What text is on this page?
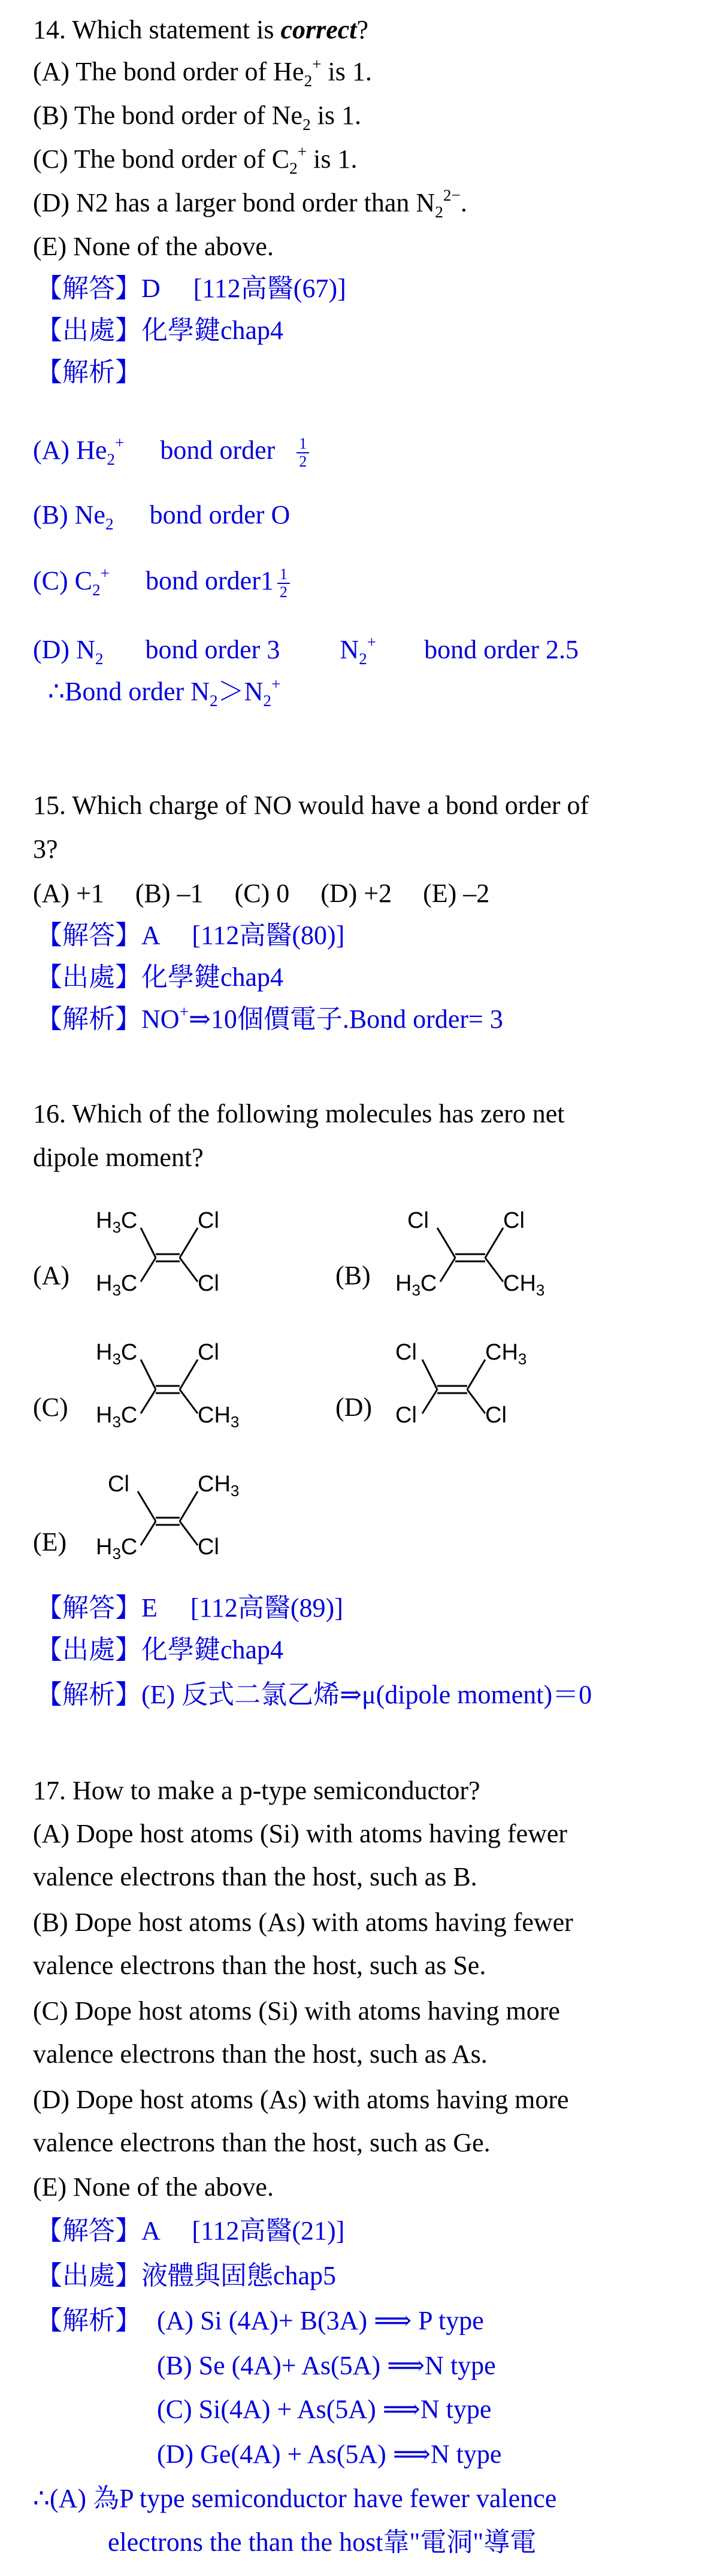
14. Which statement is correct?
(A) The bond order of $He_2^+$ is 1.
(B) The bond order of $Ne_2$ is 1.
(C) The bond order of $C_2^+$ is 1.
(D) N2 has a larger bond order than $N_2^{2-}$.
(E) None of the above.
【解答】D　 [112高醫(67)]
【出處】化學鍵chap4
【解析】
(A) $He_2^+$ bond order $\frac{1}{2}$
(B) $Ne_2$ bond order O
(C) $C_2^+$ bond order1 $\frac{1}{2}$
(D) $N_2$ bond order 3 $N_2^+$ bond order 2.5
∴Bond order $N_2>N_2^+$
15. Which charge of NO would have a bond order of
3?
(A) +1 (B) –1 (C) 0 (D) +2 (E) –2
【解答】A　 [112高醫(80)]
【出處】化學鍵chap4
【解析】NO+⇒10個價電子.Bond order= 3
16. Which of the following molecules has zero net
dipole moment?
(A)
$H_3C$	Cl
$H_3C$	Cl	(B)
Cl	Cl
$H_3C$	$CH_3$
(C)
$H_3C$	Cl
$H_3C$	$CH_3$	(D)
Cl	$CH_3$
Cl	Cl
(E)
Cl	$CH_3$
$H_3C$	Cl
【解答】E　 [112高醫(89)]
【出處】化學鍵chap4
【解析】(E) 反式二氯乙烯⇒μ(dipole moment)＝0
17. How to make a p-type semiconductor?
(A) Dope host atoms (Si) with atoms having fewer
valence electrons than the host, such as B.
(B) Dope host atoms (As) with atoms having fewer
valence electrons than the host, such as Se.
(C) Dope host atoms (Si) with atoms having more
valence electrons than the host, such as As.
(D) Dope host atoms (As) with atoms having more
valence electrons than the host, such as Ge.
(E) None of the above.
【解答】A　 [112高醫(21)]
【出處】液體與固態chap5
【解析】 (A) Si (4A)+ B(3A) ⟹ P type
(B) Se (4A)+ As(5A) ⟹N type
(C) Si(4A) + As(5A) ⟹N type
(D) Ge(4A) + As(5A) ⟹N type
∴(A) 為P type semiconductor have fewer valence
electrons the than the host靠"電洞"導電
